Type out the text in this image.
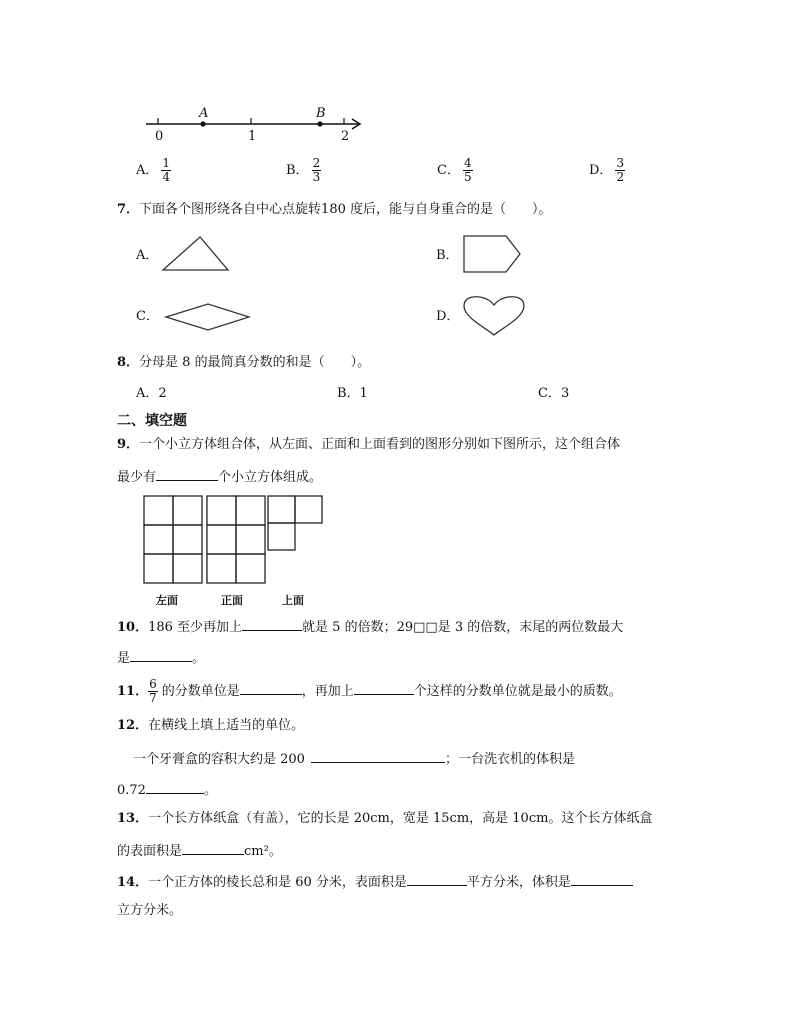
0	1	2
A	B
A． $\frac{1}{4}$	B． $\frac{2}{3}$	C． $\frac{4}{5}$	D． $\frac{3}{2}$
7．下面各个图形绕各自中心点旋转180 度后，能与自身重合的是（　　）。
A．	B．
C．	D．
8．分母是 8 的最简真分数的和是（　　）。
A．2	B．1	C．3
二、填空题
9．一个小立方体组合体，从左面、正面和上面看到的图形分别如下图所示，这个组合体
最少有	个小立方体组成。
左面	正面	上面
10．186 至少再加上	就是 5 的倍数；29□□是 3 的倍数，末尾的两位数最大
是	。
11． $\frac{6}{7}$ 的分数单位是	，再加上	个这样的分数单位就是最小的质数。
12．在横线上填上适当的单位。
一个牙膏盒的容积大约是 200	；一台洗衣机的体积是
0.72	。
13．一个长方体纸盒（有盖），它的长是 20cm，宽是 15cm，高是 10cm。这个长方体纸盒
的表面积是	cm²。
14．一个正方体的棱长总和是 60 分米，表面积是	平方分米，体积是
立方分米。
